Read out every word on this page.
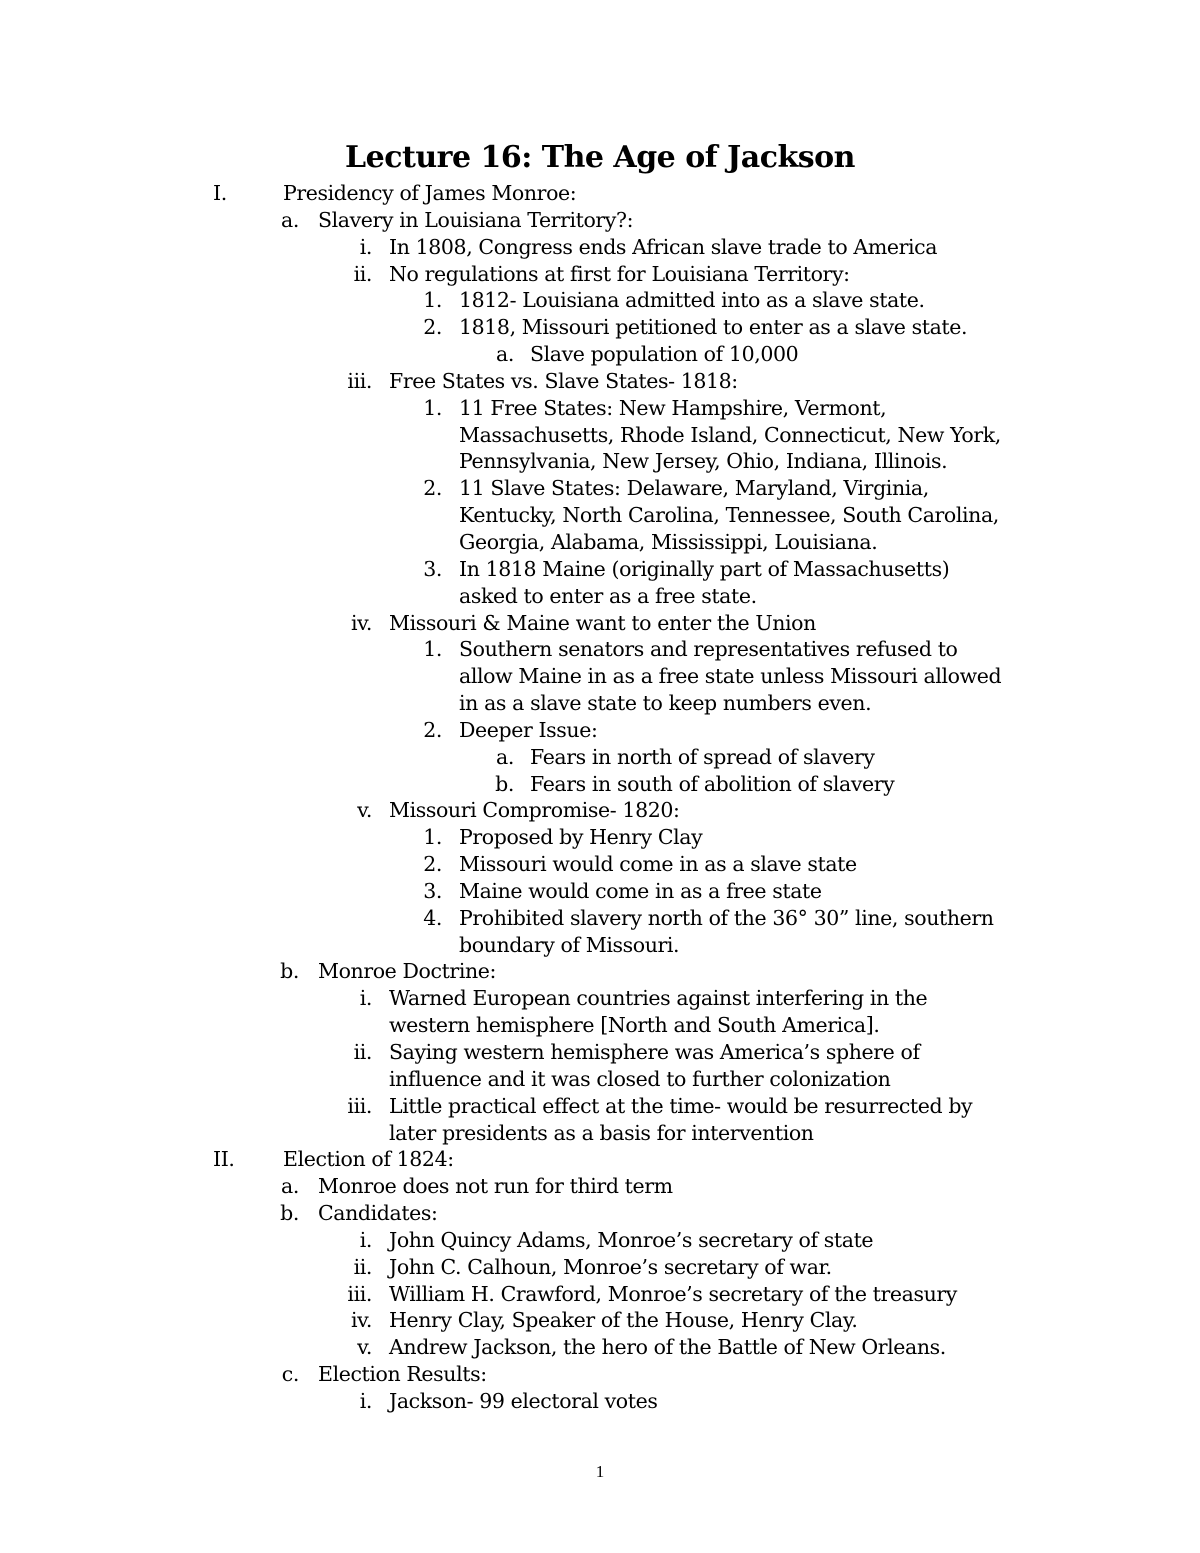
Lecture 16: The Age of Jackson
I.	Presidency of James Monroe:
a. Slavery in Louisiana Territory?:
i. In 1808, Congress ends African slave trade to America
ii. No regulations at first for Louisiana Territory:
1. 1812- Louisiana admitted into as a slave state.
2. 1818, Missouri petitioned to enter as a slave state.
a. Slave population of 10,000
iii. Free States vs. Slave States- 1818:
1. 11 Free States: New Hampshire, Vermont,
Massachusetts, Rhode Island, Connecticut, New York,
Pennsylvania, New Jersey, Ohio, Indiana, Illinois.
2. 11 Slave States: Delaware, Maryland, Virginia,
Kentucky, North Carolina, Tennessee, South Carolina,
Georgia, Alabama, Mississippi, Louisiana.
3. In 1818 Maine (originally part of Massachusetts)
asked to enter as a free state.
iv. Missouri & Maine want to enter the Union
1. Southern senators and representatives refused to
allow Maine in as a free state unless Missouri allowed
in as a slave state to keep numbers even.
2. Deeper Issue:
a. Fears in north of spread of slavery
b. Fears in south of abolition of slavery
v. Missouri Compromise- 1820:
1. Proposed by Henry Clay
2. Missouri would come in as a slave state
3. Maine would come in as a free state
4. Prohibited slavery north of the 36° 30” line, southern
boundary of Missouri.
b. Monroe Doctrine:
i. Warned European countries against interfering in the
western hemisphere [North and South America].
ii. Saying western hemisphere was America’s sphere of
influence and it was closed to further colonization
iii. Little practical effect at the time- would be resurrected by
later presidents as a basis for intervention
II. Election of 1824:
a. Monroe does not run for third term
b. Candidates:
i. John Quincy Adams, Monroe’s secretary of state
ii. John C. Calhoun, Monroe’s secretary of war.
iii. William H. Crawford, Monroe’s secretary of the treasury
iv. Henry Clay, Speaker of the House, Henry Clay.
v. Andrew Jackson, the hero of the Battle of New Orleans.
c. Election Results:
i. Jackson- 99 electoral votes
1
